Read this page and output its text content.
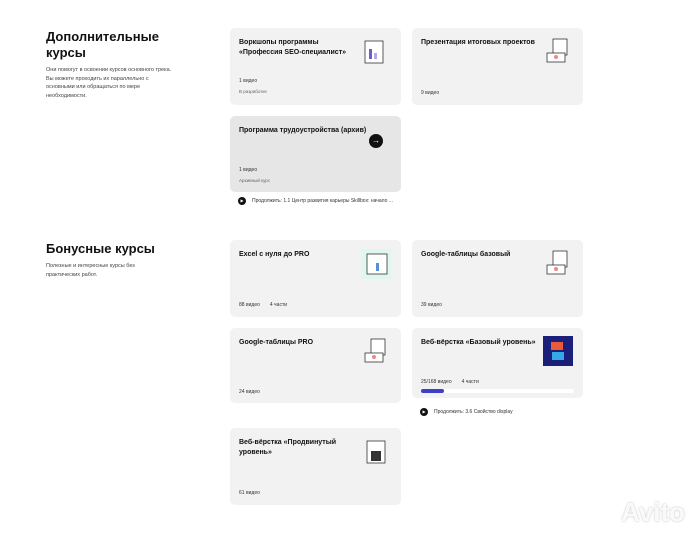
Дополнительные курсы
Они помогут в освоении курсов основного трека. Вы можете проходить их параллельно с основными или обращаться по мере необходимости.
Воркшопы программы «Профессия SEO-специалист»
1 видео
В разработке
Презентация итоговых проектов
9 видео
Программа трудоустройства (архив)
→
1 видео
Архивный курс
▶	Продолжить: 1.1 Центр развития карьеры Skillbox: начало ...
Бонусные курсы
Полезные и интересные курсы без практических работ.
Excel с нуля до PRO
88 видео 4 части
Google-таблицы базовый
39 видео
Google-таблицы PRO
24 видео
Веб-вёрстка «Базовый уровень»
25/168 видео 4 части
▶	Продолжить: 3.6 Свойство display
Веб-вёрстка «Продвинутый уровень»
61 видео
Avito
